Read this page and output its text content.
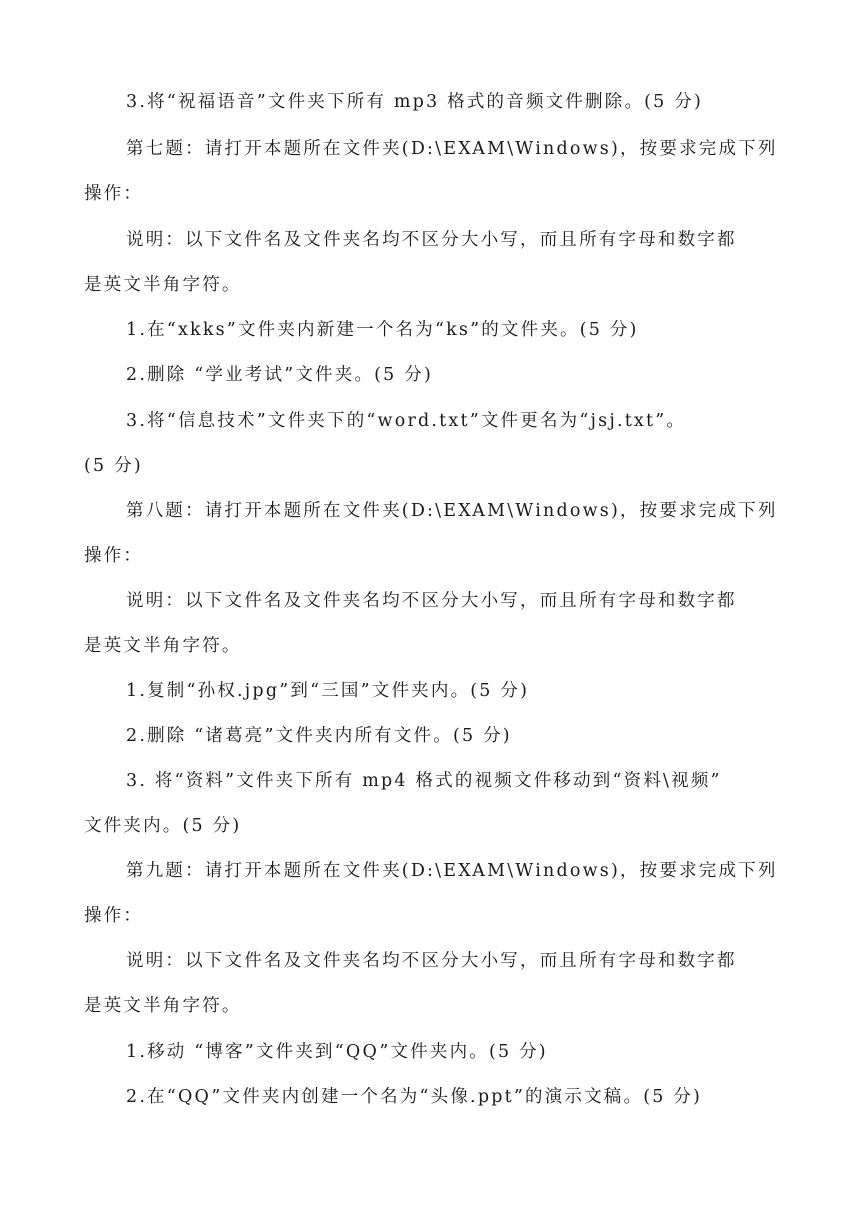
3.将“祝福语音”文件夹下所有 mp3 格式的音频文件删除。(5 分)
第七题：请打开本题所在文件夹(D:\EXAM\Windows)，按要求完成下列
操作：
说明：以下文件名及文件夹名均不区分大小写，而且所有字母和数字都
是英文半角字符。
1.在“xkks”文件夹内新建一个名为“ks”的文件夹。(5 分)
2.删除 “学业考试”文件夹。(5 分)
3.将“信息技术”文件夹下的“word.txt”文件更名为“jsj.txt”。
(5 分)
第八题：请打开本题所在文件夹(D:\EXAM\Windows)，按要求完成下列
操作：
说明：以下文件名及文件夹名均不区分大小写，而且所有字母和数字都
是英文半角字符。
1.复制“孙权.jpg”到“三国”文件夹内。(5 分)
2.删除 “诸葛亮”文件夹内所有文件。(5 分)
3. 将“资料”文件夹下所有 mp4 格式的视频文件移动到“资料\视频”
文件夹内。(5 分)
第九题：请打开本题所在文件夹(D:\EXAM\Windows)，按要求完成下列
操作：
说明：以下文件名及文件夹名均不区分大小写，而且所有字母和数字都
是英文半角字符。
1.移动 “博客”文件夹到“QQ”文件夹内。(5 分)
2.在“QQ”文件夹内创建一个名为“头像.ppt”的演示文稿。(5 分)
